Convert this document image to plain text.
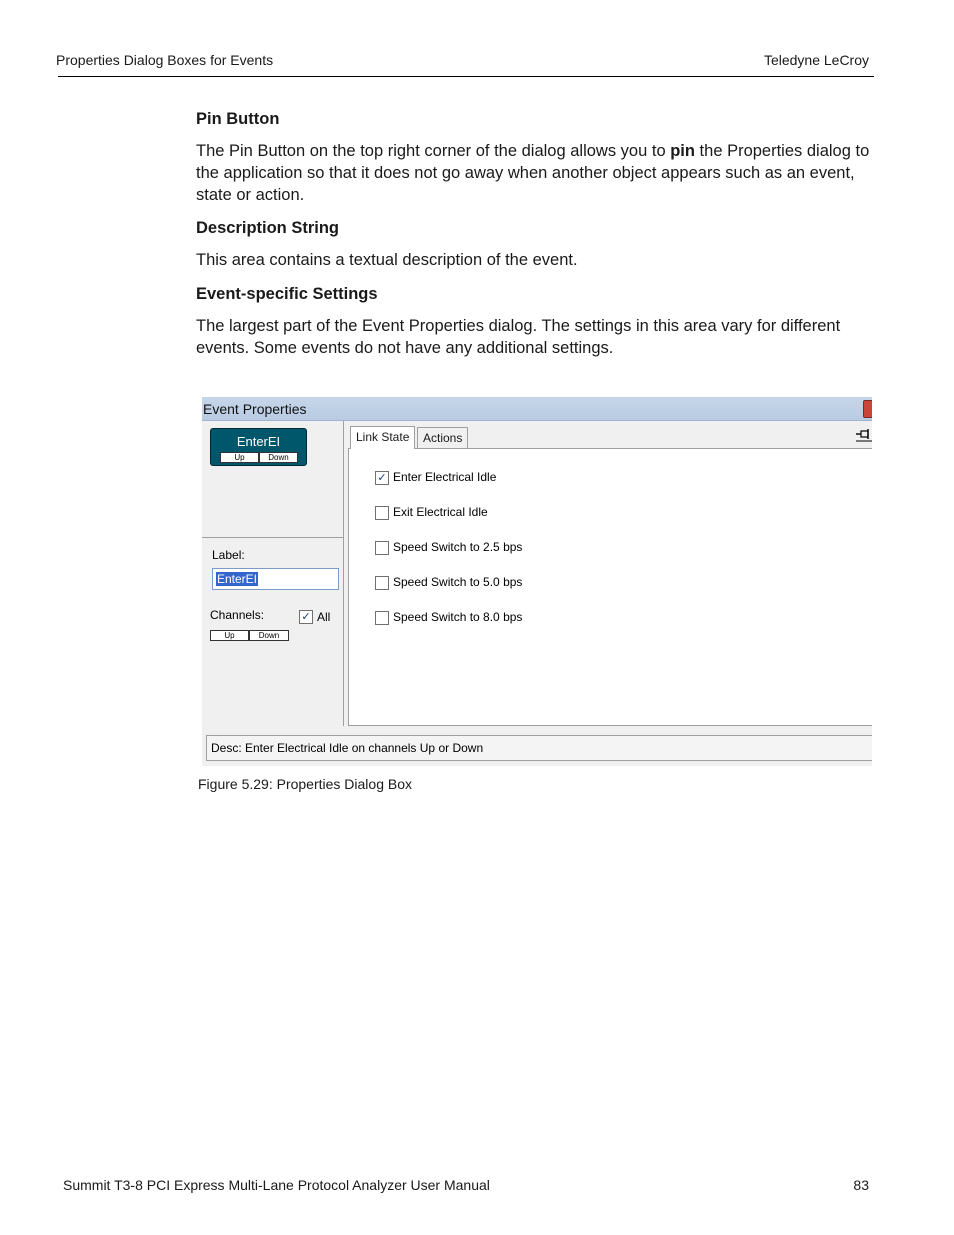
Properties Dialog Boxes for Events	Teledyne LeCroy
Pin Button
The Pin Button on the top right corner of the dialog allows you to pin the Properties dialog to the application so that it does not go away when another object appears such as an event, state or action.
Description String
This area contains a textual description of the event.
Event-specific Settings
The largest part of the Event Properties dialog. The settings in this area vary for different events. Some events do not have any additional settings.
Event Properties
EnterEI
Up	Down
Label:
EnterEI
Channels:	✓ All
Up	Down
Link State	Actions
✓ Enter Electrical Idle
Exit Electrical Idle
Speed Switch to 2.5 bps
Speed Switch to 5.0 bps
Speed Switch to 8.0 bps
Desc: Enter Electrical Idle on channels Up or Down
Figure 5.29: Properties Dialog Box
Summit T3-8 PCI Express Multi-Lane Protocol Analyzer User Manual	83
